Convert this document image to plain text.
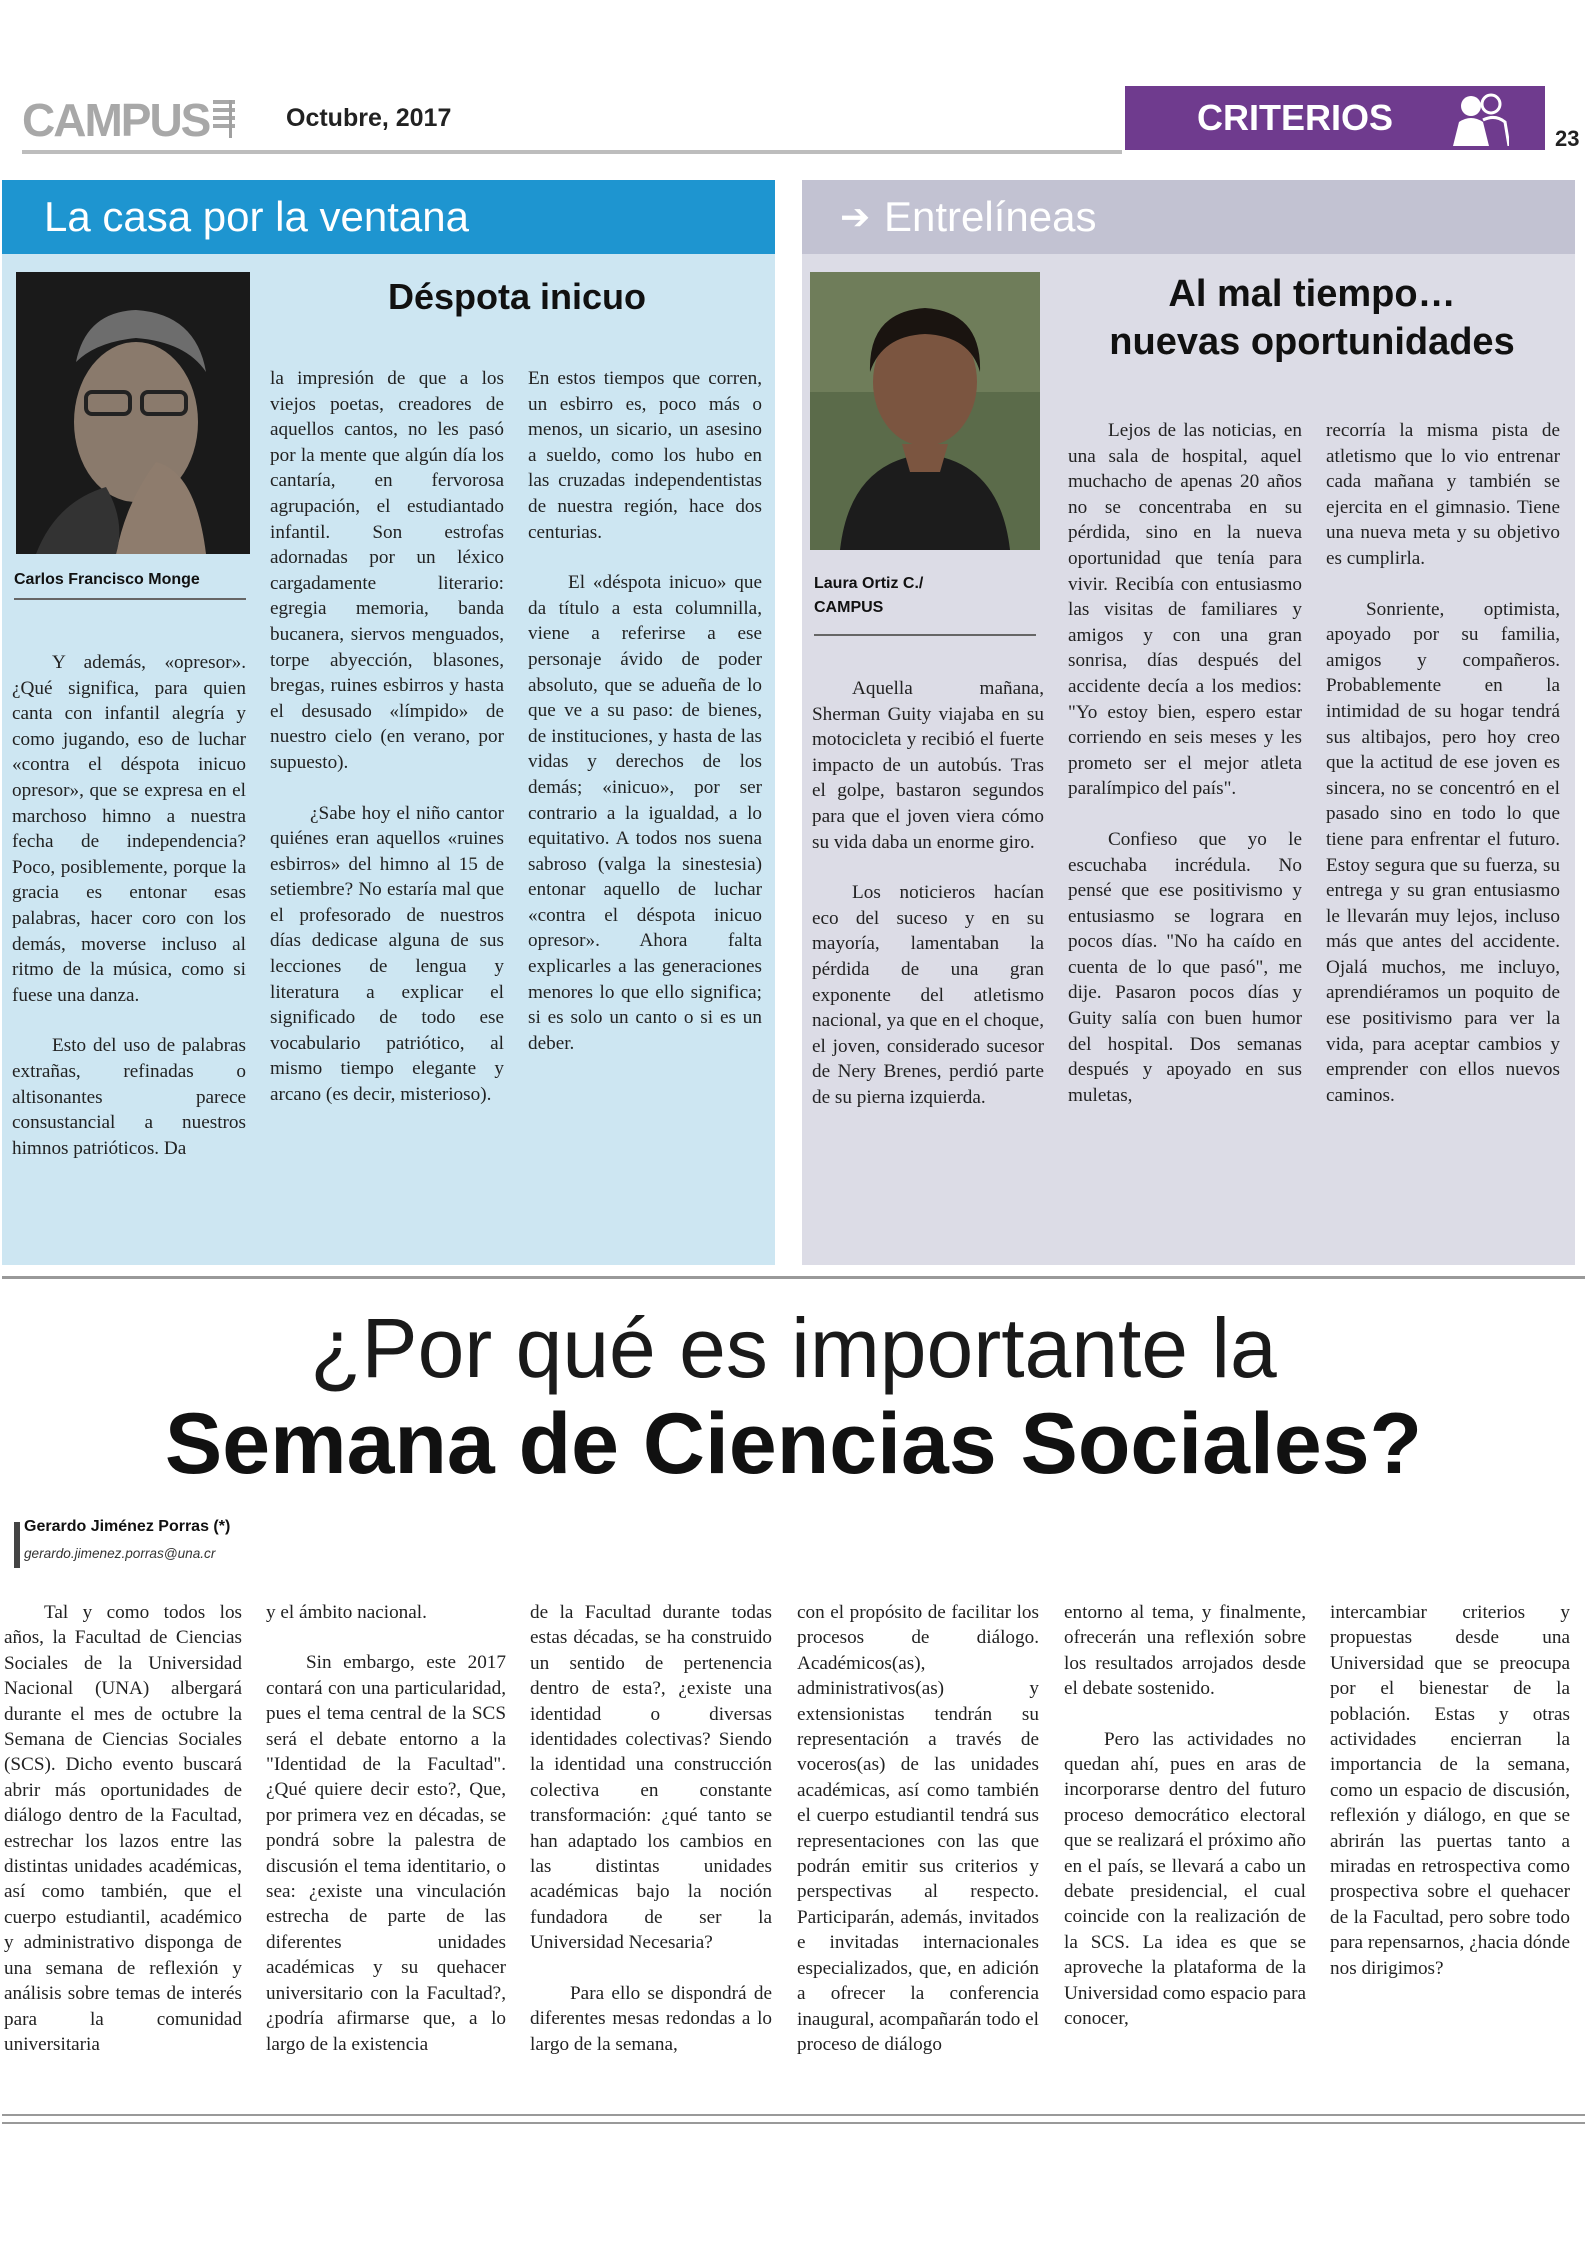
CAMPUS	Octubre, 2017	CRITERIOS
23
La casa por la ventana
Carlos Francisco Monge
Déspota inicuo

Y además, «opresor». ¿Qué significa, para quien canta con infantil alegría y como jugando, eso de luchar «contra el déspota inicuo opresor», que se expresa en el marchoso himno a nuestra fecha de independencia? Poco, posiblemente, porque la gracia es entonar esas palabras, hacer coro con los demás, moverse incluso al ritmo de la música, como si fuese una danza.

Esto del uso de palabras extrañas, refinadas o altisonantes parece consustancial a nuestros himnos patrióticos. Da

la impresión de que a los viejos poetas, creadores de aquellos cantos, no les pasó por la mente que algún día los cantaría, en fervorosa agrupación, el estudiantado infantil. Son estrofas adornadas por un léxico cargadamente literario: egregia memoria, banda bucanera, siervos menguados, torpe abyección, blasones, bregas, ruines esbirros y hasta el desusado «límpido» de nuestro cielo (en verano, por supuesto).

¿Sabe hoy el niño cantor quiénes eran aquellos «ruines esbirros» del himno al 15 de setiembre? No estaría mal que el profesorado de nuestros días dedicase alguna de sus lecciones de lengua y literatura a explicar el significado de todo ese vocabulario patriótico, al mismo tiempo elegante y arcano (es decir, misterioso).

En estos tiempos que corren, un esbirro es, poco más o menos, un sicario, un asesino a sueldo, como los hubo en las cruzadas independentistas de nuestra región, hace dos centurias.

El «déspota inicuo» que da título a esta columnilla, viene a referirse a ese personaje ávido de poder absoluto, que se adueña de lo que ve a su paso: de bienes, de instituciones, y hasta de las vidas y derechos de los demás; «inicuo», por ser contrario a la igualdad, a lo equitativo. A todos nos suena sabroso (valga la sinestesia) entonar aquello de luchar «contra el déspota inicuo opresor». Ahora falta explicarles a las generaciones menores lo que ello significa; si es solo un canto o si es un deber.

➔ Entrelíneas
Laura Ortiz C./
CAMPUS
Al mal tiempo…
nuevas oportunidades

Aquella mañana, Sherman Guity viajaba en su motocicleta y recibió el fuerte impacto de un autobús. Tras el golpe, bastaron segundos para que el joven viera cómo su vida daba un enorme giro.

Los noticieros hacían eco del suceso y en su mayoría, lamentaban la pérdida de una gran exponente del atletismo nacional, ya que en el choque, el joven, considerado sucesor de Nery Brenes, perdió parte de su pierna izquierda.

Lejos de las noticias, en una sala de hospital, aquel muchacho de apenas 20 años no se concentraba en su pérdida, sino en la nueva oportunidad que tenía para vivir. Recibía con entusiasmo las visitas de familiares y amigos y con una gran sonrisa, días después del accidente decía a los medios: "Yo estoy bien, espero estar corriendo en seis meses y les prometo ser el mejor atleta paralímpico del país".

Confieso que yo le escuchaba incrédula. No pensé que ese positivismo y entusiasmo se lograra en pocos días. "No ha caído en cuenta de lo que pasó", me dije. Pasaron pocos días y Guity salía con buen humor del hospital. Dos semanas después y apoyado en sus muletas,

recorría la misma pista de atletismo que lo vio entrenar cada mañana y también se ejercita en el gimnasio. Tiene una nueva meta y su objetivo es cumplirla.

Sonriente, optimista, apoyado por su familia, amigos y compañeros. Probablemente en la intimidad de su hogar tendrá sus altibajos, pero hoy creo que la actitud de ese joven es sincera, no se concentró en el pasado sino en todo lo que tiene para enfrentar el futuro. Estoy segura que su fuerza, su entrega y su gran entusiasmo le llevarán muy lejos, incluso más que antes del accidente. Ojalá muchos, me incluyo, aprendiéramos un poquito de ese positivismo para ver la vida, para aceptar cambios y emprender con ellos nuevos caminos.

¿Por qué es importante la
Semana de Ciencias Sociales?
Gerardo Jiménez Porras (*)
gerardo.jimenez.porras@una.cr

Tal y como todos los años, la Facultad de Ciencias Sociales de la Universidad Nacional (UNA) albergará durante el mes de octubre la Semana de Ciencias Sociales (SCS). Dicho evento buscará abrir más oportunidades de diálogo dentro de la Facultad, estrechar los lazos entre las distintas unidades académicas, así como también, que el cuerpo estudiantil, académico y administrativo disponga de una semana de reflexión y análisis sobre temas de interés para la comunidad universitaria

y el ámbito nacional.

Sin embargo, este 2017 contará con una particularidad, pues el tema central de la SCS será el debate entorno a la "Identidad de la Facultad". ¿Qué quiere decir esto?, Que, por primera vez en décadas, se pondrá sobre la palestra de discusión el tema identitario, o sea: ¿existe una vinculación estrecha de parte de las diferentes unidades académicas y su quehacer universitario con la Facultad?, ¿podría afirmarse que, a lo largo de la existencia

de la Facultad durante todas estas décadas, se ha construido un sentido de pertenencia dentro de esta?, ¿existe una identidad o diversas identidades colectivas? Siendo la identidad una construcción colectiva en constante transformación: ¿qué tanto se han adaptado los cambios en las distintas unidades académicas bajo la noción fundadora de ser la Universidad Necesaria?

Para ello se dispondrá de diferentes mesas redondas a lo largo de la semana,

con el propósito de facilitar los procesos de diálogo. Académicos(as), administrativos(as) y extensionistas tendrán su representación a través de voceros(as) de las unidades académicas, así como también el cuerpo estudiantil tendrá sus representaciones con las que podrán emitir sus criterios y perspectivas al respecto. Participarán, además, invitados e invitadas internacionales especializados, que, en adición a ofrecer la conferencia inaugural, acompañarán todo el proceso de diálogo

entorno al tema, y finalmente, ofrecerán una reflexión sobre los resultados arrojados desde el debate sostenido.

Pero las actividades no quedan ahí, pues en aras de incorporarse dentro del futuro proceso democrático electoral que se realizará el próximo año en el país, se llevará a cabo un debate presidencial, el cual coincide con la realización de la SCS. La idea es que se aproveche la plataforma de la Universidad como espacio para conocer,

intercambiar criterios y propuestas desde una Universidad que se preocupa por el bienestar de la población. Estas y otras actividades encierran la importancia de la semana, como un espacio de discusión, reflexión y diálogo, en que se abrirán las puertas tanto a miradas en retrospectiva como prospectiva sobre el quehacer de la Facultad, pero sobre todo para repensarnos, ¿hacia dónde nos dirigimos?
